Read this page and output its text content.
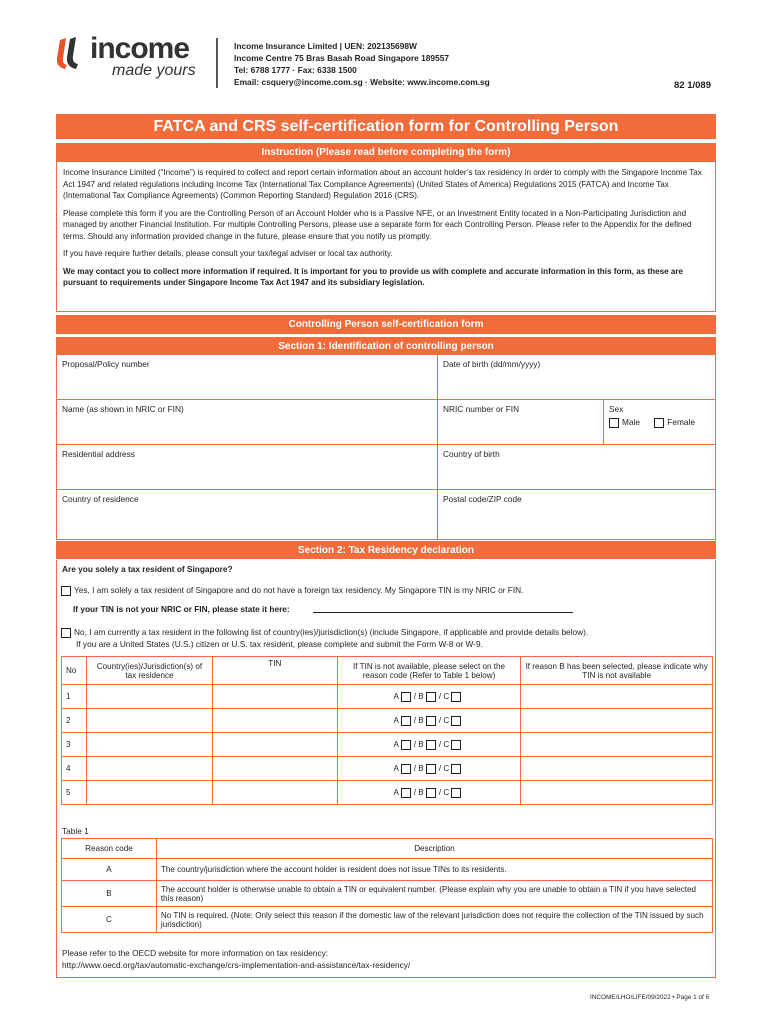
income
made yours
Income Insurance Limited | UEN: 202135698W
Income Centre 75 Bras Basah Road Singapore 189557
Tel: 6788 1777 · Fax: 6338 1500
Email: csquery@income.com.sg · Website: www.income.com.sg	82 1/089
FATCA and CRS self-certification form for Controlling Person
Instruction (Please read before completing the form)

Income Insurance Limited (“Income”) is required to collect and report certain information about an account holder’s tax residency in order to comply with the Singapore Income Tax Act 1947 and related regulations including Income Tax (International Tax Compliance Agreements) (United States of America) Regulations 2015 (FATCA) and Income Tax (International Tax Compliance Agreements) (Common Reporting Standard) Regulation 2016 (CRS).

Please complete this form if you are the Controlling Person of an Account Holder who is a Passive NFE, or an Investment Entity located in a Non-Participating Jurisdiction and managed by another Financial Institution. For multiple Controlling Persons, please use a separate form for each Controlling Person. Please refer to the Appendix for the defined terms. Should any information provided change in the future, please ensure that you notify us promptly.

If you have require further details, please consult your tax/legal adviser or local tax authority.

We may contact you to collect more information if required. It is important for you to provide us with complete and accurate information in this form, as these are pursuant to requirements under Singapore Income Tax Act 1947 and its subsidiary legislation.

Controlling Person self-certification form
Section 1: Identification of controlling person
Proposal/Policy number	Date of birth (dd/mm/yyyy)
Name (as shown in NRIC or FIN)	NRIC number or FIN	Sex
Male	Female
Residential address	Country of birth
Country of residence	Postal code/ZIP code
Section 2: Tax Residency declaration
Are you solely a tax resident of Singapore?
Yes, I am solely a tax resident of Singapore and do not have a foreign tax residency. My Singapore TIN is my NRIC or FIN.
If your TIN is not your NRIC or FIN, please state it here:
No, I am currently a tax resident in the following list of country(ies)/jurisdiction(s) (include Singapore, if applicable and provide details below).
If you are a United States (U.S.) citizen or U.S. tax resident, please complete and submit the Form W-8 or W-9.
No	Country(ies)/Jurisdiction(s) of tax residence	TIN	If TIN is not available, please select on the reason code (Refer to Table 1 below)	If reason B has been selected, please indicate why TIN is not available
1			A / B / C	
2			A / B / C	
3			A / B / C	
4			A / B / C	
5			A / B / C	
Table 1
Reason code	Description
A	The country/jurisdiction where the account holder is resident does not issue TINs to its residents.
B	The account holder is otherwise unable to obtain a TIN or equivalent number. (Please explain why you are unable to obtain a TIN if you have selected this reason)
C	No TIN is required. (Note: Only select this reason if the domestic law of the relevant jurisdiction does not require the collection of the TIN issued by such jurisdiction)
Please refer to the OECD website for more information on tax residency:
http://www.oecd.org/tax/automatic-exchange/crs-implementation-and-assistance/tax-residency/
INCOME/LHO/LIFE/09/2022 • Page 1 of 6
